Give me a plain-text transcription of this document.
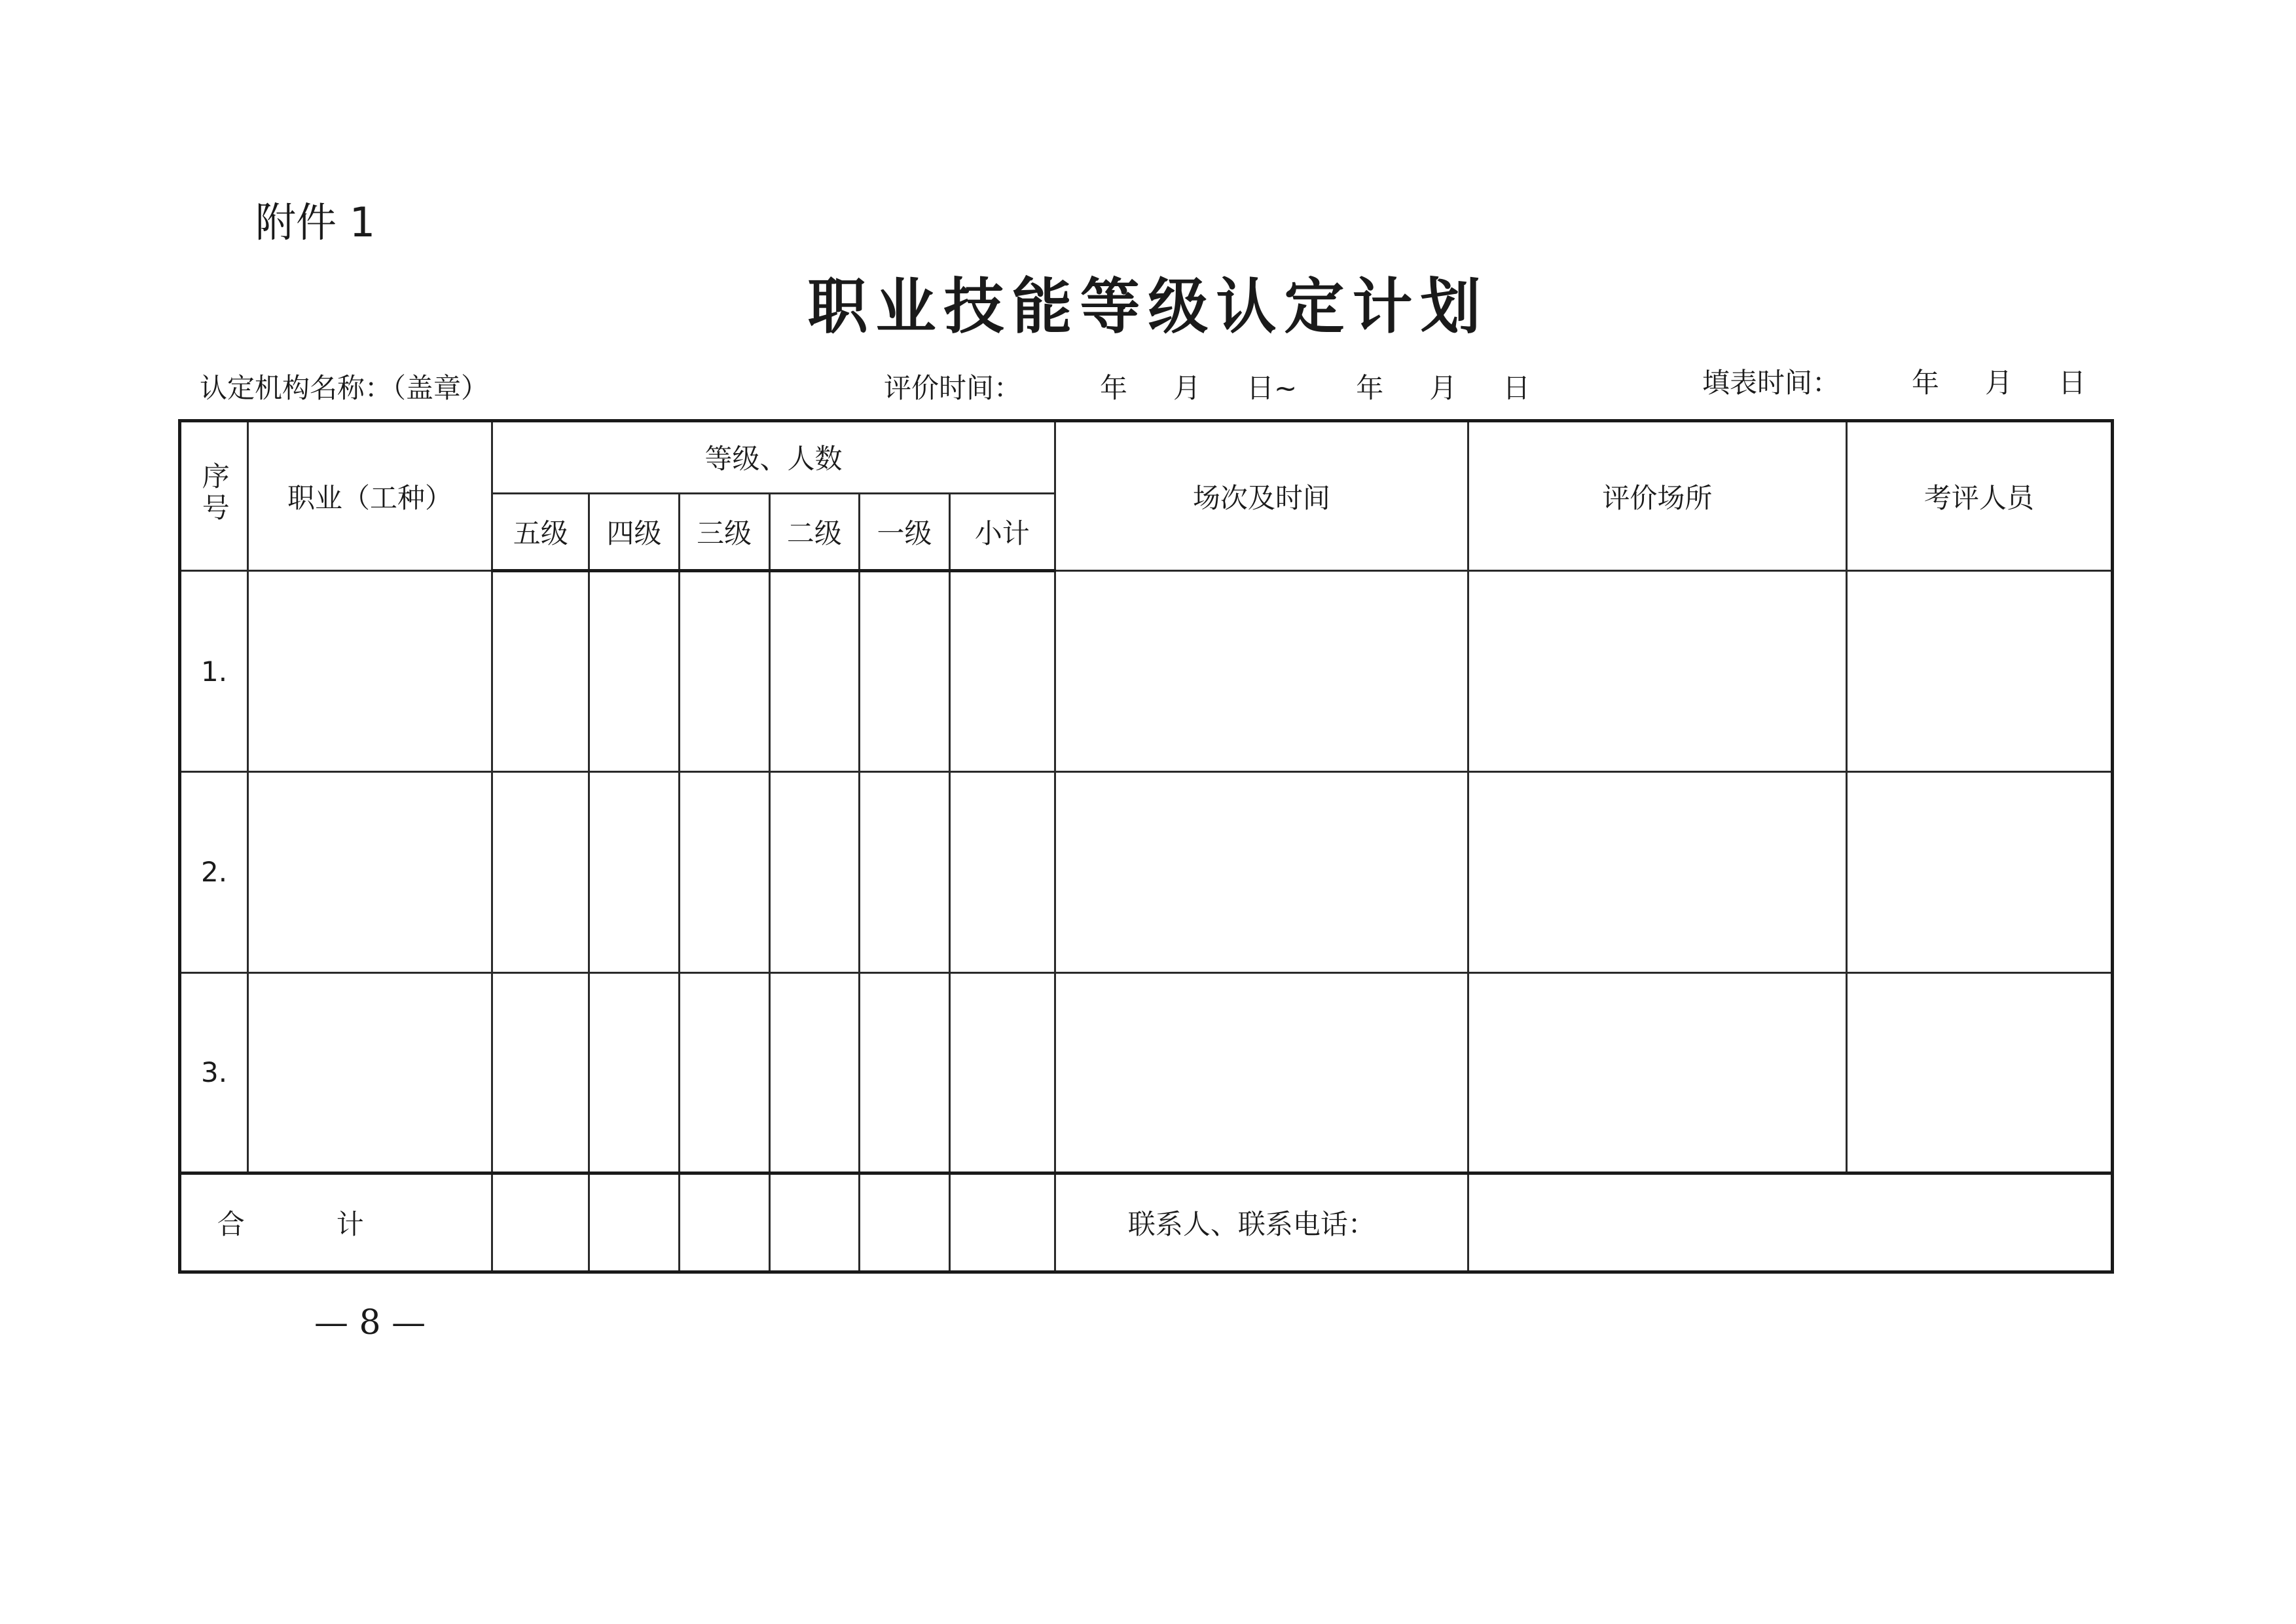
附件 1
职业技能等级认定计划
认定机构名称：（盖章）	评价时间：	年 月 日~ 年 月 日	填表时间：	年 月 日
序号	职业（工种）	等级、人数						场次及时间	评价场所	考评人员
		五级	四级	三级	二级	一级	小计			
1.										
2.										
3.										
合计								联系人、联系电话：		
— 8 —
